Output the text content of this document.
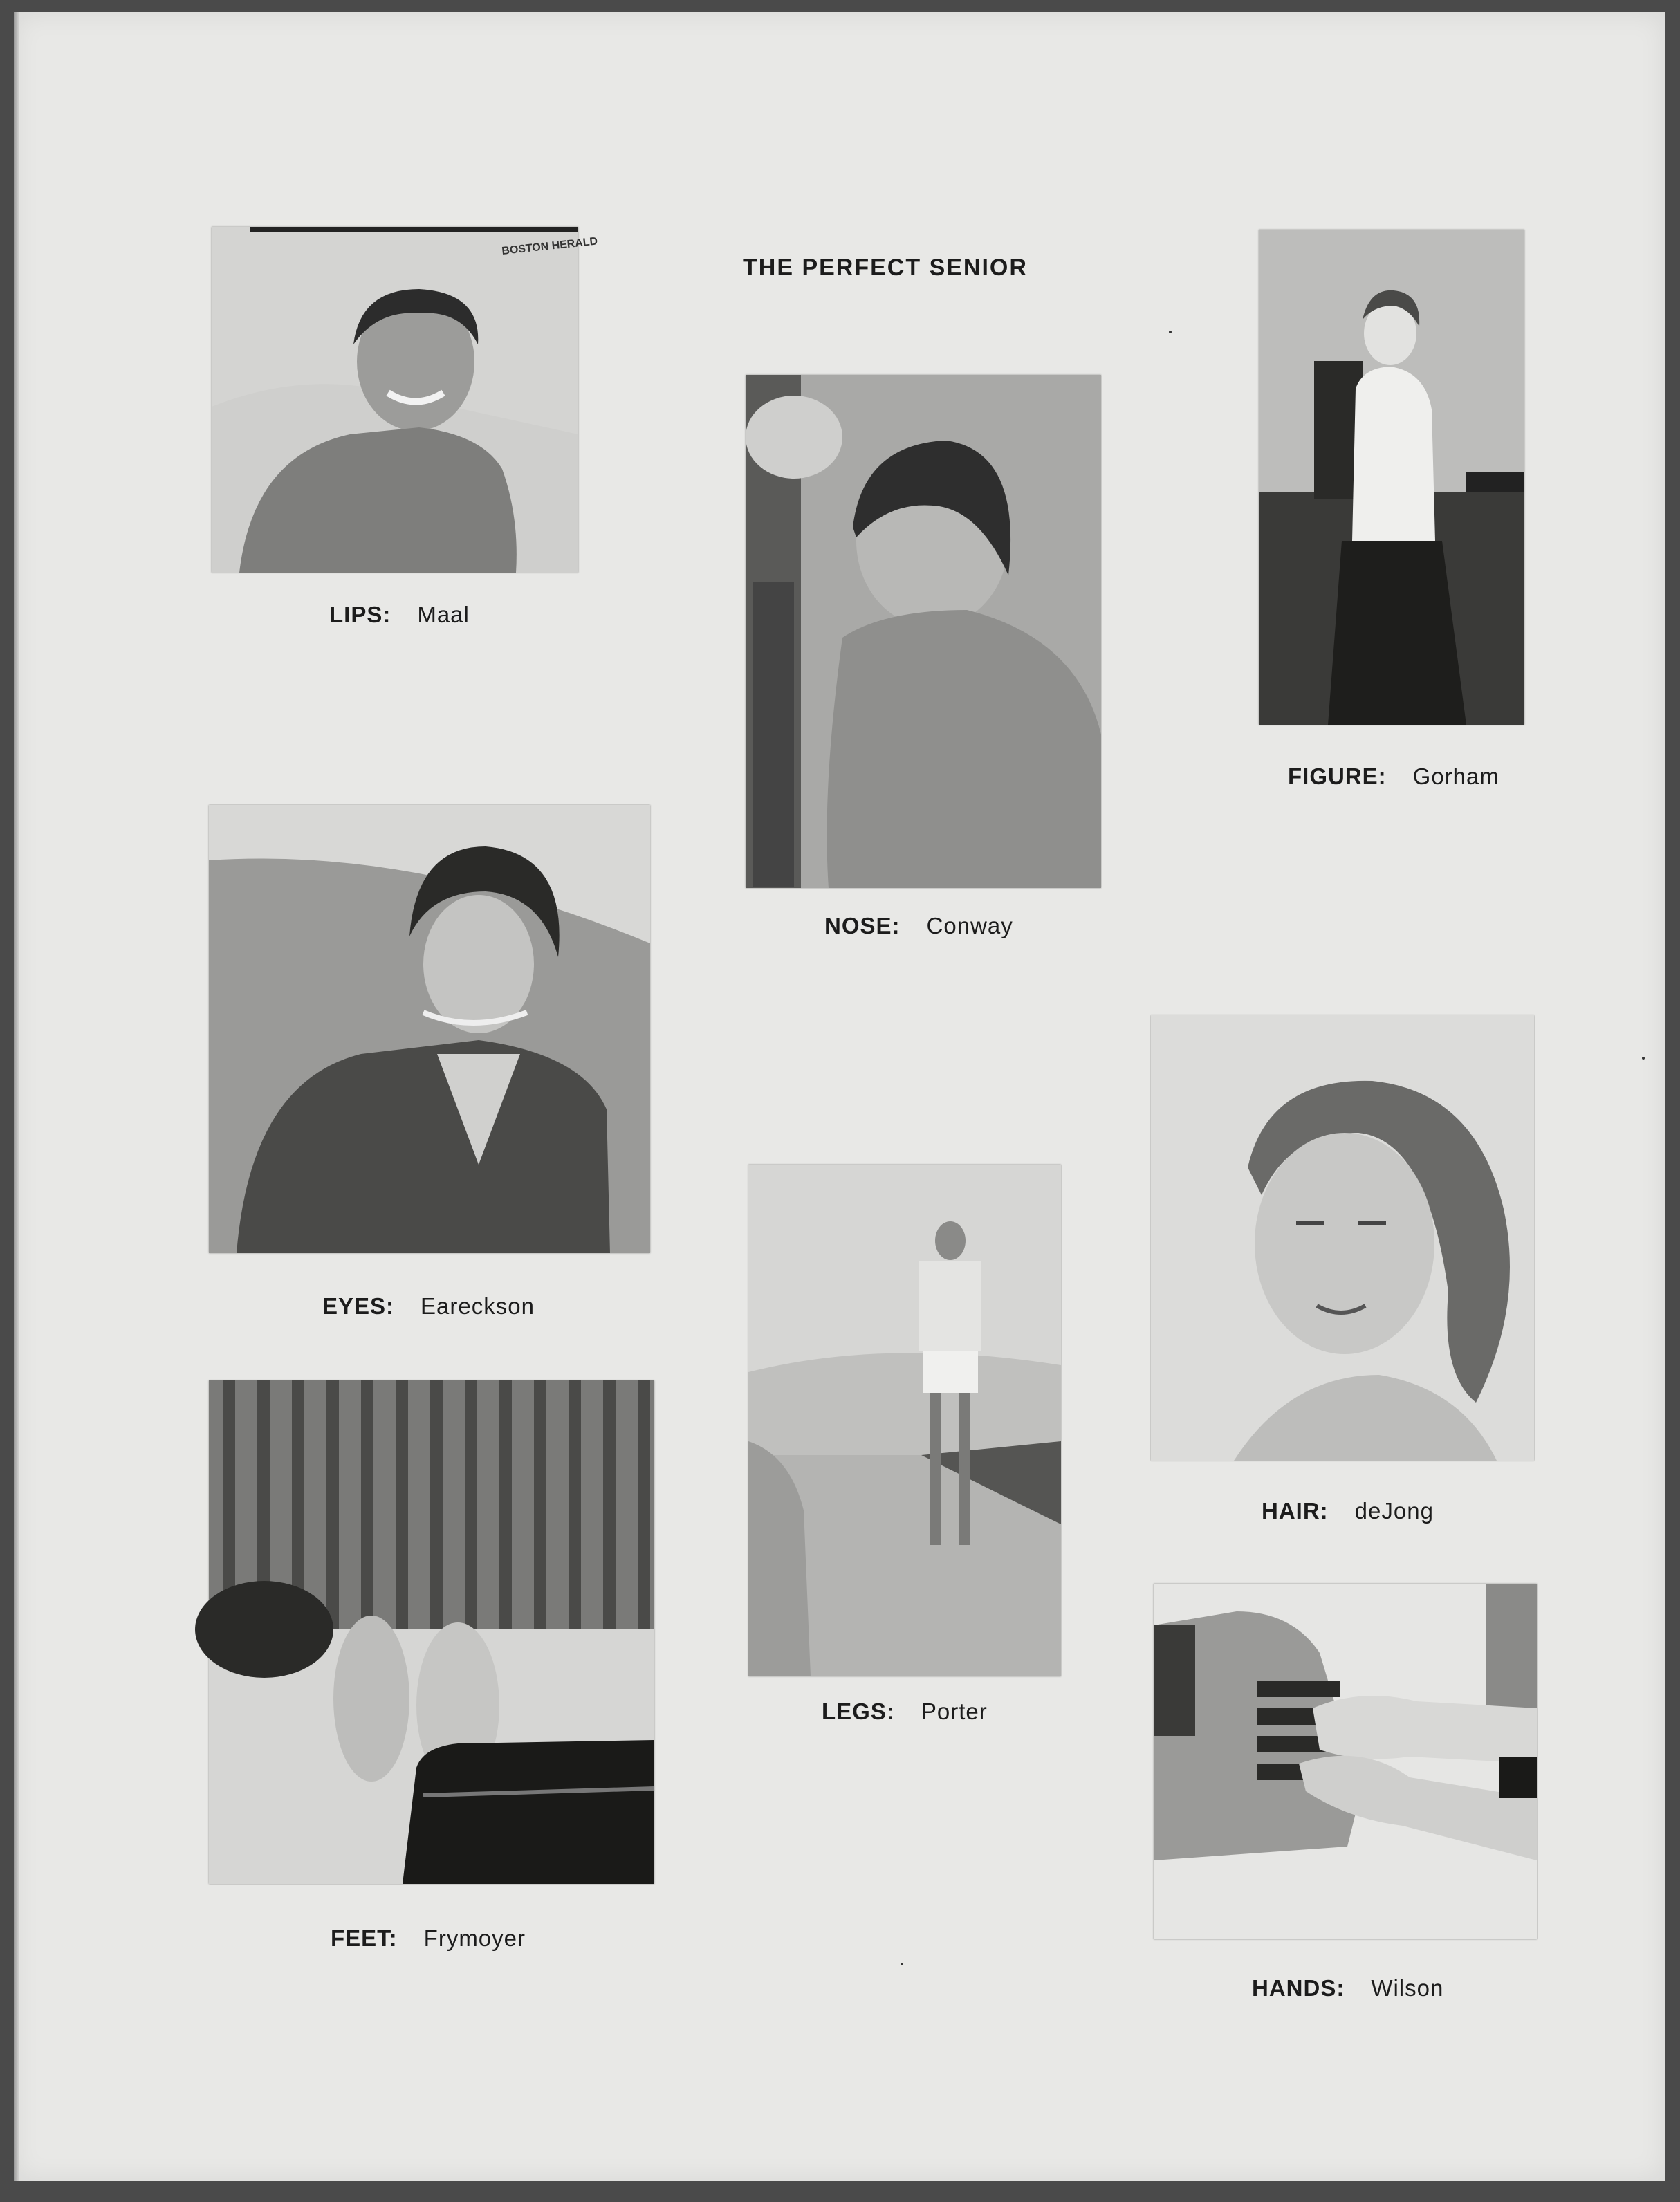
THE PERFECT SENIOR
BOSTON HERALD
LIPS: Maal
NOSE: Conway
FIGURE: Gorham
EYES: Eareckson
LEGS: Porter
HAIR: deJong
FEET: Frymoyer
HANDS: Wilson
